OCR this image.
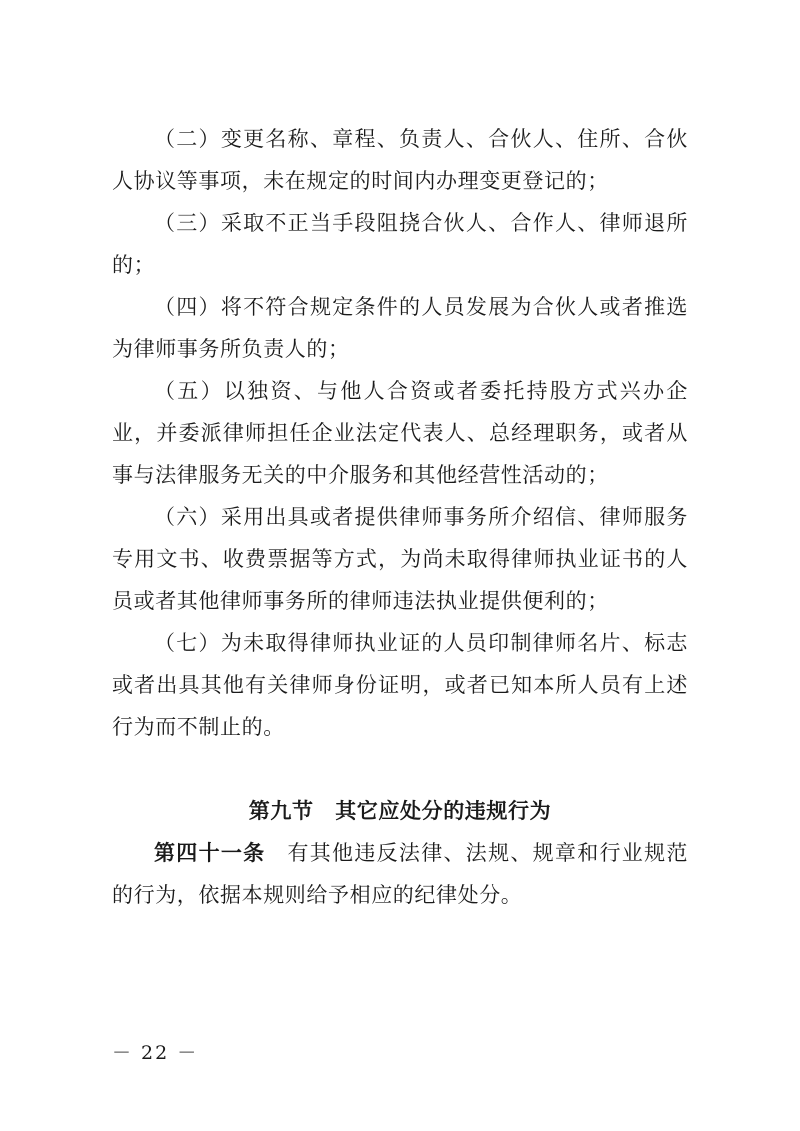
（二）变更名称、章程、负责人、合伙人、住所、合伙人协议等事项，未在规定的时间内办理变更登记的；

（三）采取不正当手段阻挠合伙人、合作人、律师退所的；

（四）将不符合规定条件的人员发展为合伙人或者推选为律师事务所负责人的；

（五）以独资、与他人合资或者委托持股方式兴办企业，并委派律师担任企业法定代表人、总经理职务，或者从事与法律服务无关的中介服务和其他经营性活动的；

（六）采用出具或者提供律师事务所介绍信、律师服务专用文书、收费票据等方式，为尚未取得律师执业证书的人员或者其他律师事务所的律师违法执业提供便利的；

（七）为未取得律师执业证的人员印制律师名片、标志或者出具其他有关律师身份证明，或者已知本所人员有上述行为而不制止的。

第九节　其它应处分的违规行为

第四十一条 有其他违反法律、法规、规章和行业规范的行为，依据本规则给予相应的纪律处分。

－ 22 －
